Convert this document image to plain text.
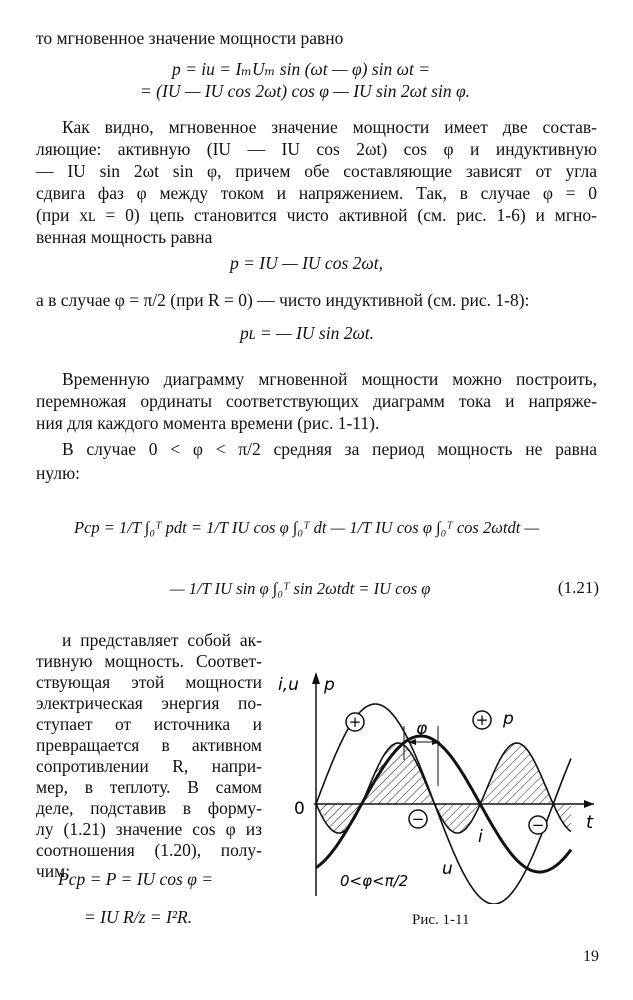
то мгновенное значение мощности равно
p = iu = IₘUₘ sin (ωt — φ) sin ωt =
= (IU — IU cos 2ωt) cos φ — IU sin 2ωt sin φ.
Как видно, мгновенное значение мощности имеет две состав-
ляющие: активную (IU — IU cos 2ωt) cos φ и индуктивную
— IU sin 2ωt sin φ, причем обе составляющие зависят от угла
сдвига фаз φ между током и напряжением. Так, в случае φ = 0
(при xʟ = 0) цепь становится чисто активной (см. рис. 1-6) и мгно-
венная мощность равна
p = IU — IU cos 2ωt,
а в случае φ = π/2 (при R = 0) — чисто индуктивной (см. рис. 1-8):
pʟ = — IU sin 2ωt.
Временную диаграмму мгновенной мощности можно построить,
перемножая ординаты соответствующих диаграмм тока и напряже-
ния для каждого момента времени (рис. 1-11).
В случае 0 < φ < π/2 средняя за период мощность не равна
нулю:
Pср = 1/T ∫₀ᵀ pdt = 1/T IU cos φ ∫₀ᵀ dt — 1/T IU cos φ ∫₀ᵀ cos 2ωtdt —
— 1/T IU sin φ ∫₀ᵀ sin 2ωtdt = IU cos φ	(1.21)
и представляет собой ак-
тивную мощность. Соответ-
ствующая этой мощности
электрическая энергия по-
ступает от источника и
превращается в активном
сопротивлении R, напри-
мер, в теплоту. В самом
деле, подставив в форму-
лу (1.21) значение cos φ из
соотношения (1.20), полу-
чим:
Pср = P = IU cos φ =
= IU R/z = I²R.
+	+
−	−
i,u p
t
0
φ	p
i
u
0<φ<π/2
Рис. 1-11
19
